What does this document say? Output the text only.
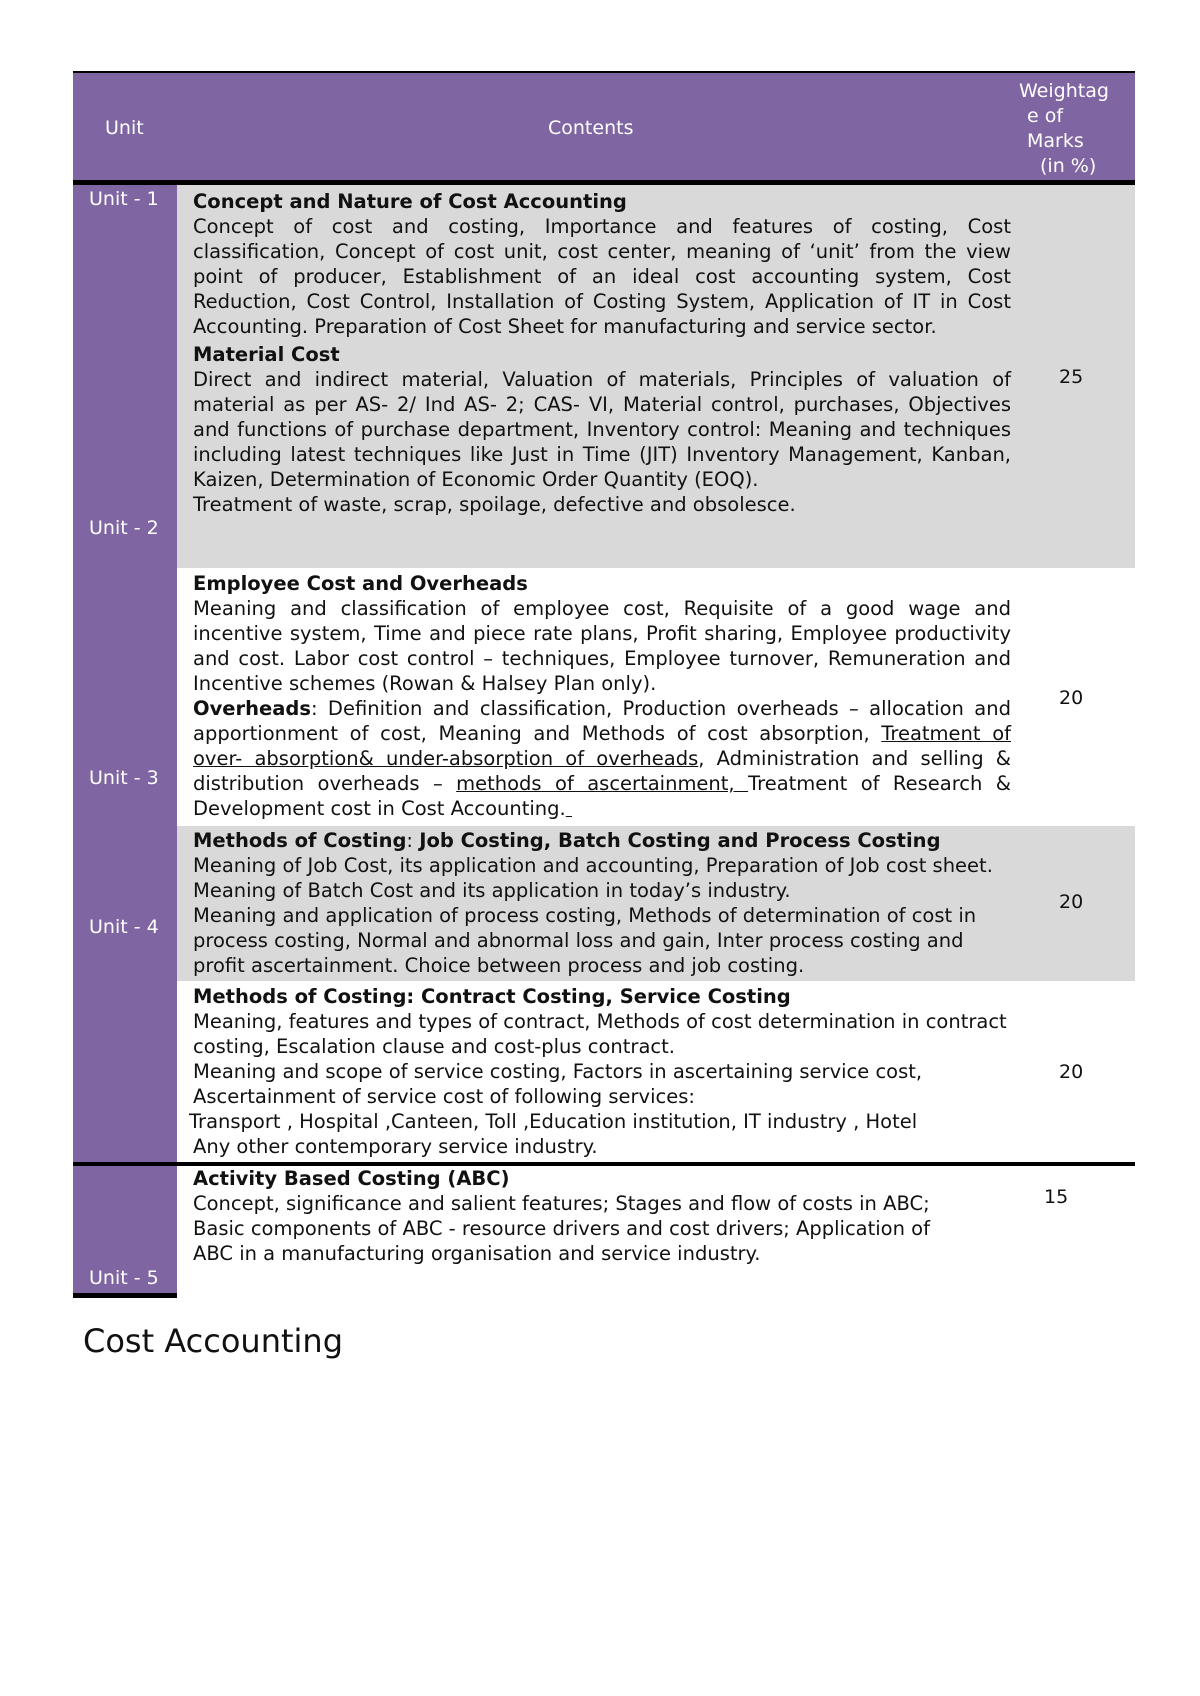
Unit	Contents
Weightag
e of
Marks
(in %)
Unit - 1
Unit - 2
Unit - 3
Unit - 4
Unit - 5

Concept and Nature of Cost Accounting

Concept of cost and costing, Importance and features of costing, Cost classification, Concept of cost unit, cost center, meaning of ‘unit’ from the view point of producer, Establishment of an ideal cost accounting system, Cost Reduction, Cost Control, Installation of Costing System, Application of IT in Cost Accounting. Preparation of Cost Sheet for manufacturing and service sector.

Material Cost

Direct and indirect material, Valuation of materials, Principles of valuation of material as per AS- 2/ Ind AS- 2; CAS- VI, Material control, purchases, Objectives and functions of purchase department, Inventory control: Meaning and techniques including latest techniques like Just in Time (JIT) Inventory Management, Kanban, Kaizen, Determination of Economic Order Quantity (EOQ).

Treatment of waste, scrap, spoilage, defective and obsolesce.

25

Employee Cost and Overheads

Meaning and classification of employee cost, Requisite of a good wage and incentive system, Time and piece rate plans, Profit sharing, Employee productivity and cost. Labor cost control – techniques, Employee turnover, Remuneration and Incentive schemes (Rowan & Halsey Plan only).

Overheads: Definition and classification, Production overheads – allocation and apportionment of cost, Meaning and Methods of cost absorption, Treatment of over- absorption& under-absorption of overheads, Administration and selling & distribution overheads – methods of ascertainment, Treatment of Research & Development cost in Cost Accounting.

20

Methods of Costing: Job Costing, Batch Costing and Process Costing

Meaning of Job Cost, its application and accounting, Preparation of Job cost sheet. Meaning of Batch Cost and its application in today’s industry.

Meaning and application of process costing, Methods of determination of cost in process costing, Normal and abnormal loss and gain, Inter process costing and profit ascertainment. Choice between process and job costing.

20

Methods of Costing: Contract Costing, Service Costing

Meaning, features and types of contract, Methods of cost determination in contract costing, Escalation clause and cost-plus contract.

Meaning and scope of service costing, Factors in ascertaining service cost,

Ascertainment of service cost of following services:

Transport , Hospital ,Canteen, Toll ,Education institution, IT industry , Hotel

Any other contemporary service industry.

20

Activity Based Costing (ABC)

Concept, significance and salient features; Stages and flow of costs in ABC;

Basic components of ABC - resource drivers and cost drivers; Application of

ABC in a manufacturing organisation and service industry.

15
Cost Accounting
